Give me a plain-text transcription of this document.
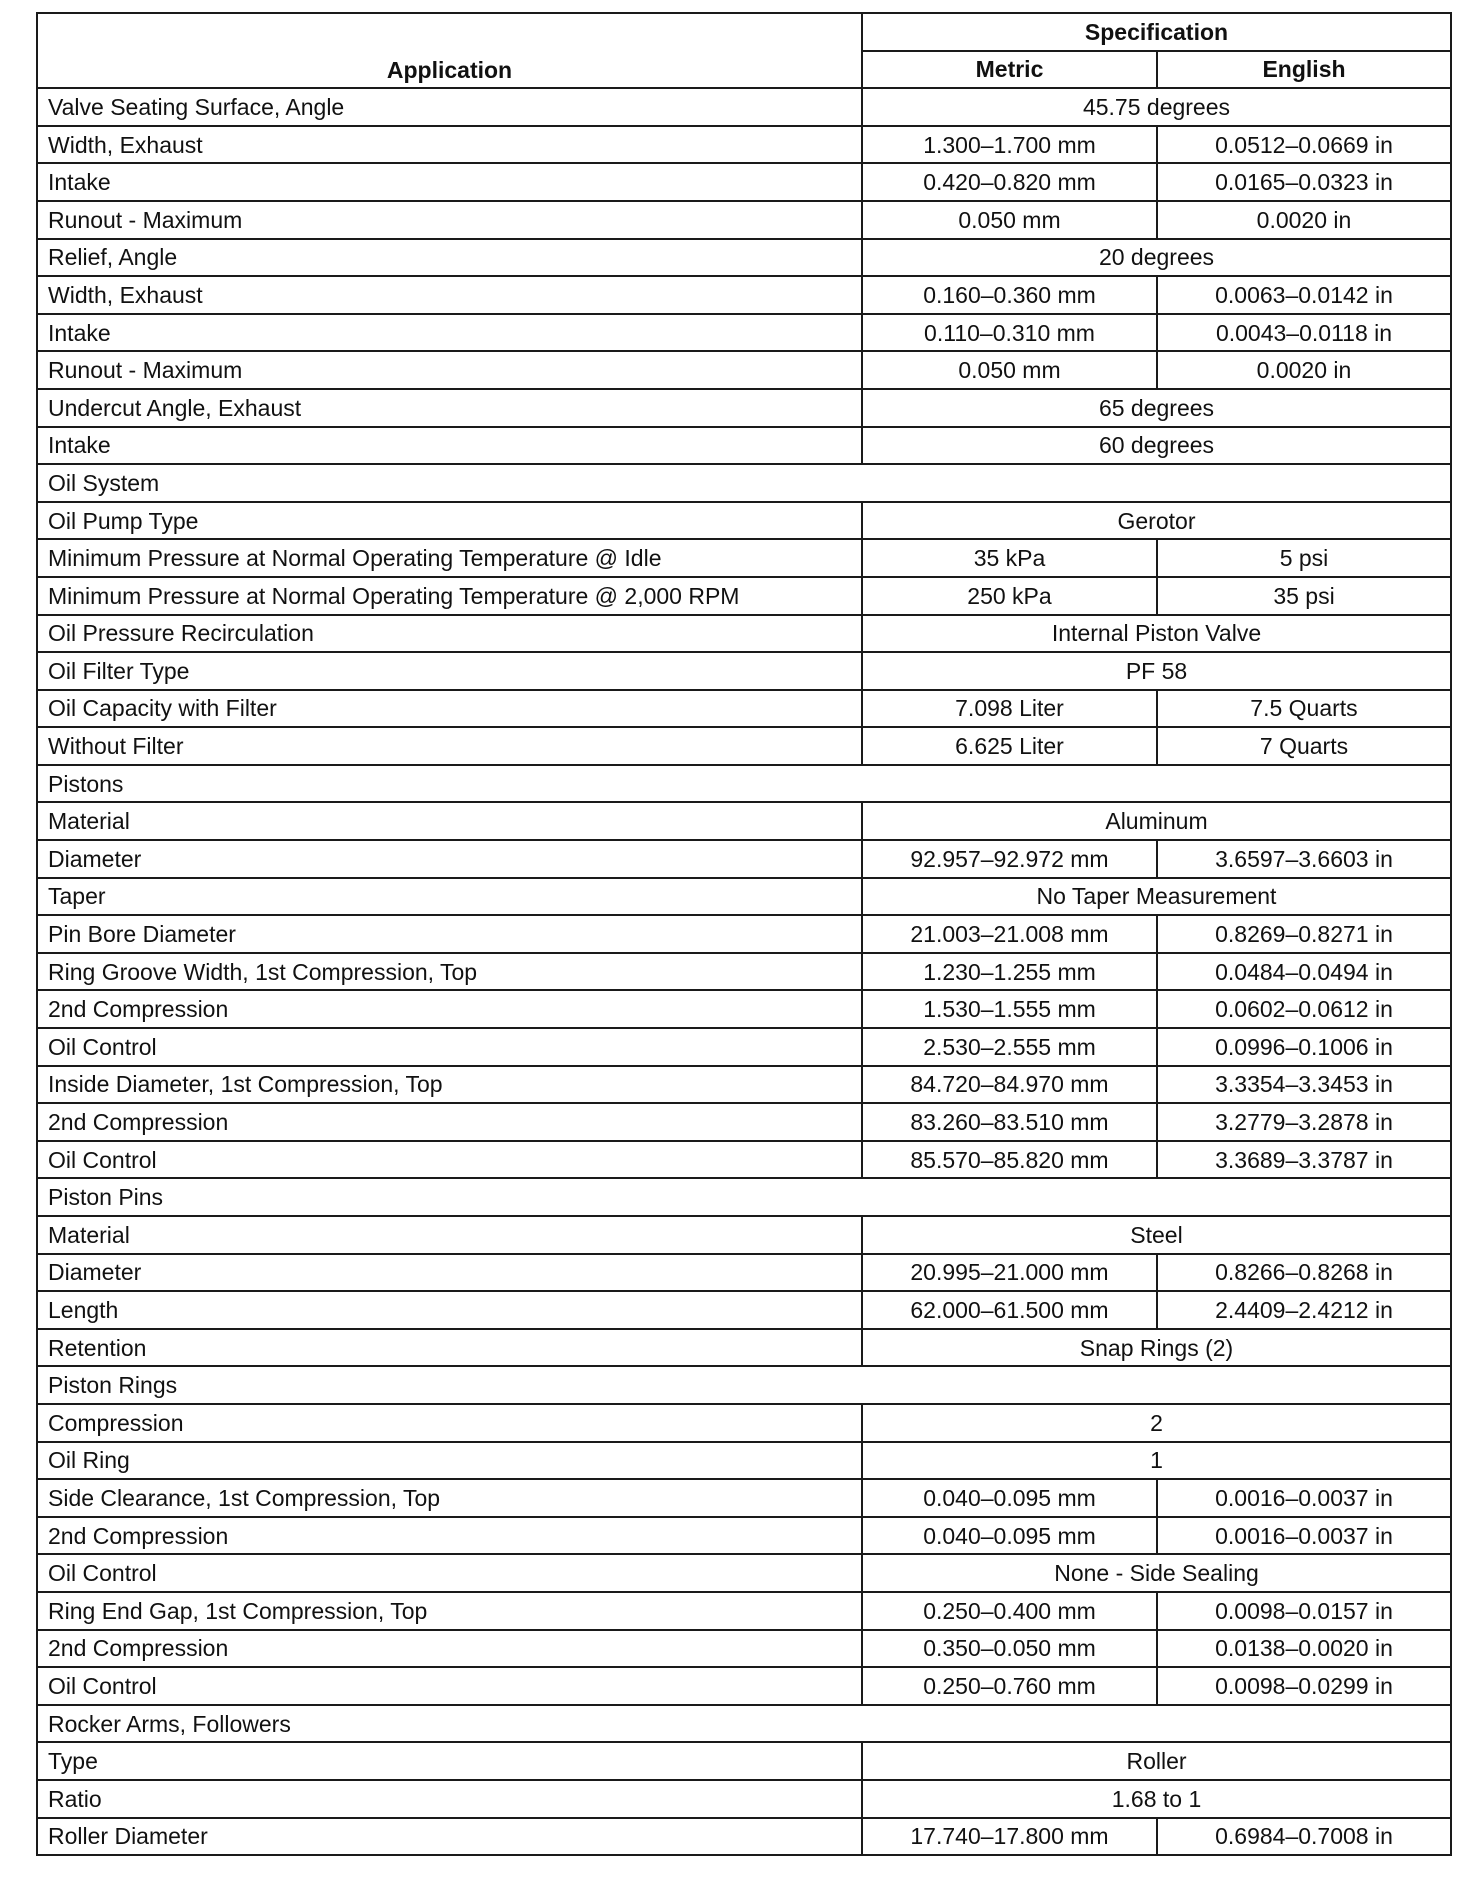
Application	Specification	
	Metric	English
Valve Seating Surface, Angle	45.75 degrees	
Width, Exhaust	1.300–1.700 mm	0.0512–0.0669 in
Intake	0.420–0.820 mm	0.0165–0.0323 in
Runout - Maximum	0.050 mm	0.0020 in
Relief, Angle	20 degrees	
Width, Exhaust	0.160–0.360 mm	0.0063–0.0142 in
Intake	0.110–0.310 mm	0.0043–0.0118 in
Runout - Maximum	0.050 mm	0.0020 in
Undercut Angle, Exhaust	65 degrees	
Intake	60 degrees	
Oil System		
Oil Pump Type	Gerotor	
Minimum Pressure at Normal Operating Temperature @ Idle	35 kPa	5 psi
Minimum Pressure at Normal Operating Temperature @ 2,000 RPM	250 kPa	35 psi
Oil Pressure Recirculation	Internal Piston Valve	
Oil Filter Type	PF 58	
Oil Capacity with Filter	7.098 Liter	7.5 Quarts
Without Filter	6.625 Liter	7 Quarts
Pistons		
Material	Aluminum	
Diameter	92.957–92.972 mm	3.6597–3.6603 in
Taper	No Taper Measurement	
Pin Bore Diameter	21.003–21.008 mm	0.8269–0.8271 in
Ring Groove Width, 1st Compression, Top	1.230–1.255 mm	0.0484–0.0494 in
2nd Compression	1.530–1.555 mm	0.0602–0.0612 in
Oil Control	2.530–2.555 mm	0.0996–0.1006 in
Inside Diameter, 1st Compression, Top	84.720–84.970 mm	3.3354–3.3453 in
2nd Compression	83.260–83.510 mm	3.2779–3.2878 in
Oil Control	85.570–85.820 mm	3.3689–3.3787 in
Piston Pins		
Material	Steel	
Diameter	20.995–21.000 mm	0.8266–0.8268 in
Length	62.000–61.500 mm	2.4409–2.4212 in
Retention	Snap Rings (2)	
Piston Rings		
Compression	2	
Oil Ring	1	
Side Clearance, 1st Compression, Top	0.040–0.095 mm	0.0016–0.0037 in
2nd Compression	0.040–0.095 mm	0.0016–0.0037 in
Oil Control	None - Side Sealing	
Ring End Gap, 1st Compression, Top	0.250–0.400 mm	0.0098–0.0157 in
2nd Compression	0.350–0.050 mm	0.0138–0.0020 in
Oil Control	0.250–0.760 mm	0.0098–0.0299 in
Rocker Arms, Followers		
Type	Roller	
Ratio	1.68 to 1	
Roller Diameter	17.740–17.800 mm	0.6984–0.7008 in
